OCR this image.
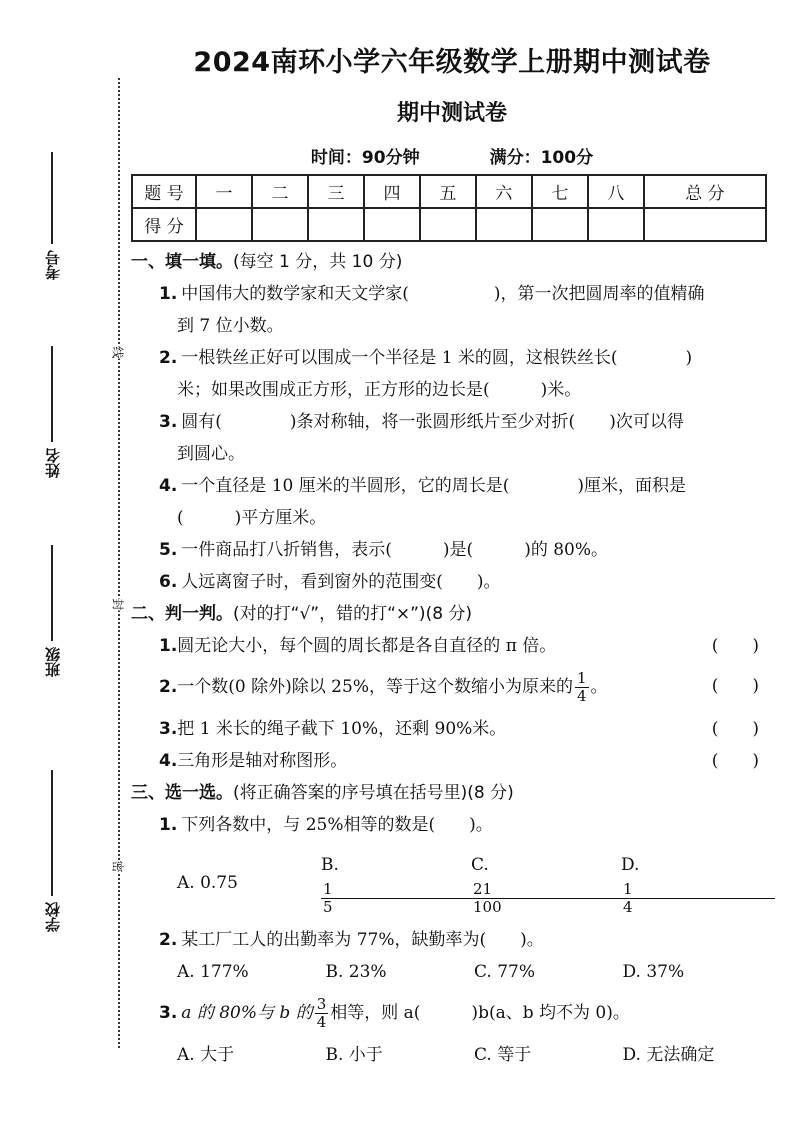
考号
姓名
班级
学校
线
封
密
2024南环小学六年级数学上册期中测试卷
期中测试卷
时间：90分钟	满分：100分
题 号	一	二	三	四	五	六	七	八	总 分
得 分									
一、填一填。(每空 1 分，共 10 分)
1. 中国伟大的数学家和天文学家(　　　　　)，第一次把圆周率的值精确
到 7 位小数。
2. 一根铁丝正好可以围成一个半径是 1 米的圆，这根铁丝长(　　　　)
米；如果改围成正方形，正方形的边长是(　　　)米。
3. 圆有(　　　　)条对称轴，将一张圆形纸片至少对折(　　)次可以得
到圆心。
4. 一个直径是 10 厘米的半圆形，它的周长是(　　　　)厘米，面积是
(　　　)平方厘米。
5. 一件商品打八折销售，表示(　　　)是(　　　)的 80%。
6. 人远离窗子时，看到窗外的范围变(　　)。
二、判一判。(对的打“√”，错的打“×”)(8 分)
1.圆无论大小，每个圆的周长都是各自直径的 π 倍。	(　　)
2.一个数(0 除外)除以 25%，等于这个数缩小为原来的 $\frac{1}{4}$ 。	(　　)
3.把 1 米长的绳子截下 10%，还剩 90%米。	(　　)
4.三角形是轴对称图形。	(　　)
三、选一选。(将正确答案的序号填在括号里)(8 分)
1. 下列各数中，与 25%相等的数是(　　)。
A. 0.75
B.
$\frac{1}{5}$
C.
$\frac{21}{100}$
D.
$\frac{1}{4}$
2. 某工厂工人的出勤率为 77%，缺勤率为(　　)。
A. 177%	B. 23%	C. 77%	D. 37%
3. a 的 80%与 b 的 $\frac{3}{4}$ 相等，则 a(　　　)b(a、b 均不为 0)。
A. 大于	B. 小于	C. 等于	D. 无法确定
